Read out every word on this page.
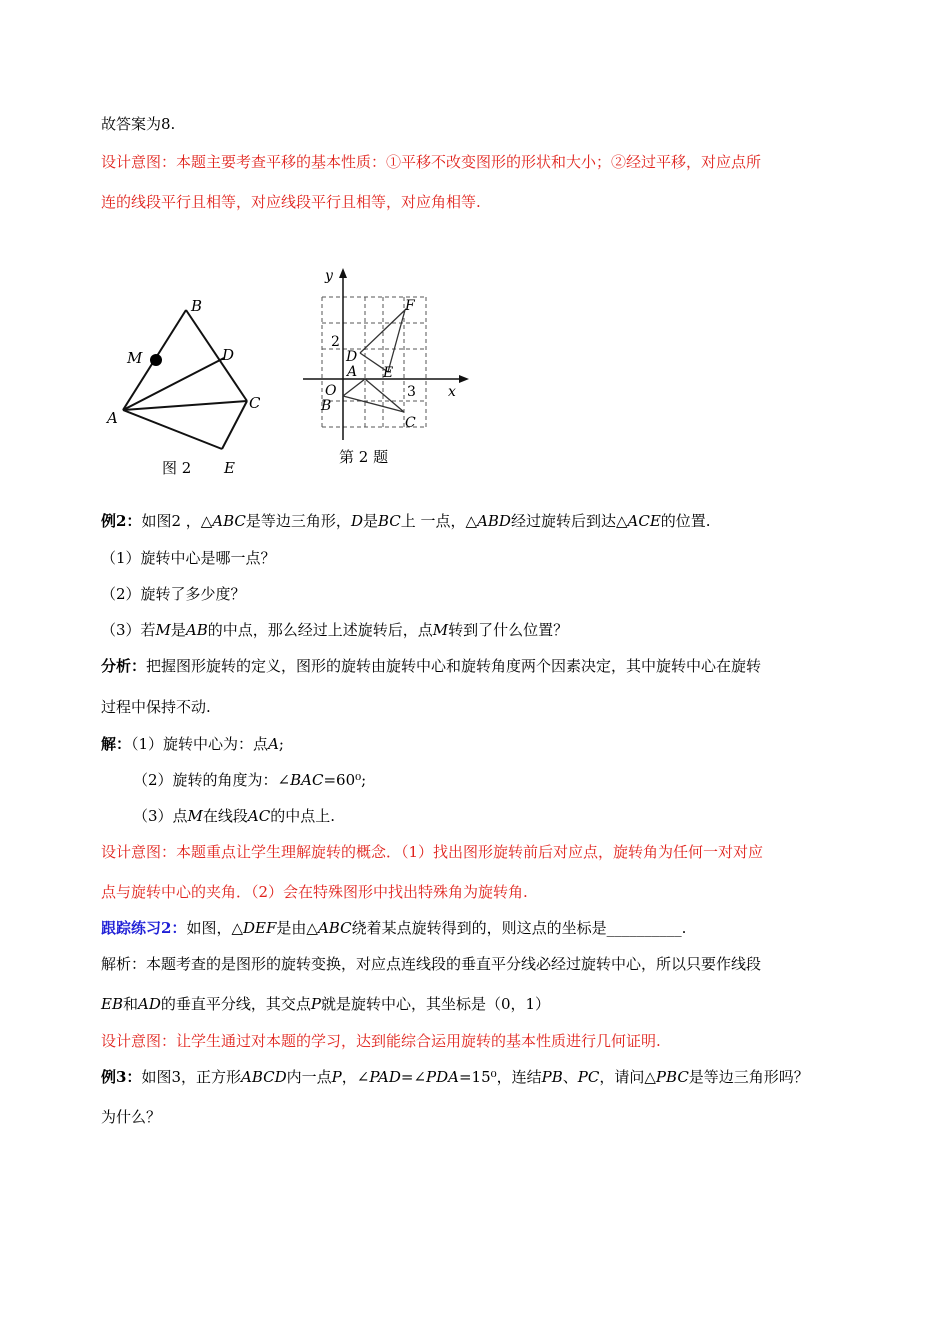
故答案为8.
设计意图：本题主要考查平移的基本性质：①平移不改变图形的形状和大小；②经过平移，对应点所
连的线段平行且相等，对应线段平行且相等，对应角相等.
B
M	D
A
C
E
图 2
y
x
O
A
B
C
D
E
F
2
3
第 2 题
例2：如图2 ，△ABC是等边三角形，D是BC上 一点，△ABD经过旋转后到达△ACE的位置.
（1）旋转中心是哪一点？
（2）旋转了多少度？
（3）若M是AB的中点，那么经过上述旋转后，点M转到了什么位置？
分析：把握图形旋转的定义，图形的旋转由旋转中心和旋转角度两个因素决定，其中旋转中心在旋转
过程中保持不动.
解：（1）旋转中心为：点A;
（2）旋转的角度为：∠BAC=60⁰;
（3）点M在线段AC的中点上.
设计意图：本题重点让学生理解旋转的概念．（1）找出图形旋转前后对应点，旋转角为任何一对对应
点与旋转中心的夹角．（2）会在特殊图形中找出特殊角为旋转角.
跟踪练习2：如图，△DEF是由△ABC绕着某点旋转得到的，则这点的坐标是__________.
解析：本题考查的是图形的旋转变换，对应点连线段的垂直平分线必经过旋转中心，所以只要作线段
EB和AD的垂直平分线，其交点P就是旋转中心，其坐标是（0，1）
设计意图：让学生通过对本题的学习，达到能综合运用旋转的基本性质进行几何证明.
例3：如图3，正方形ABCD内一点P，∠PAD=∠PDA=15⁰，连结PB、PC，请问△PBC是等边三角形吗？
为什么？
